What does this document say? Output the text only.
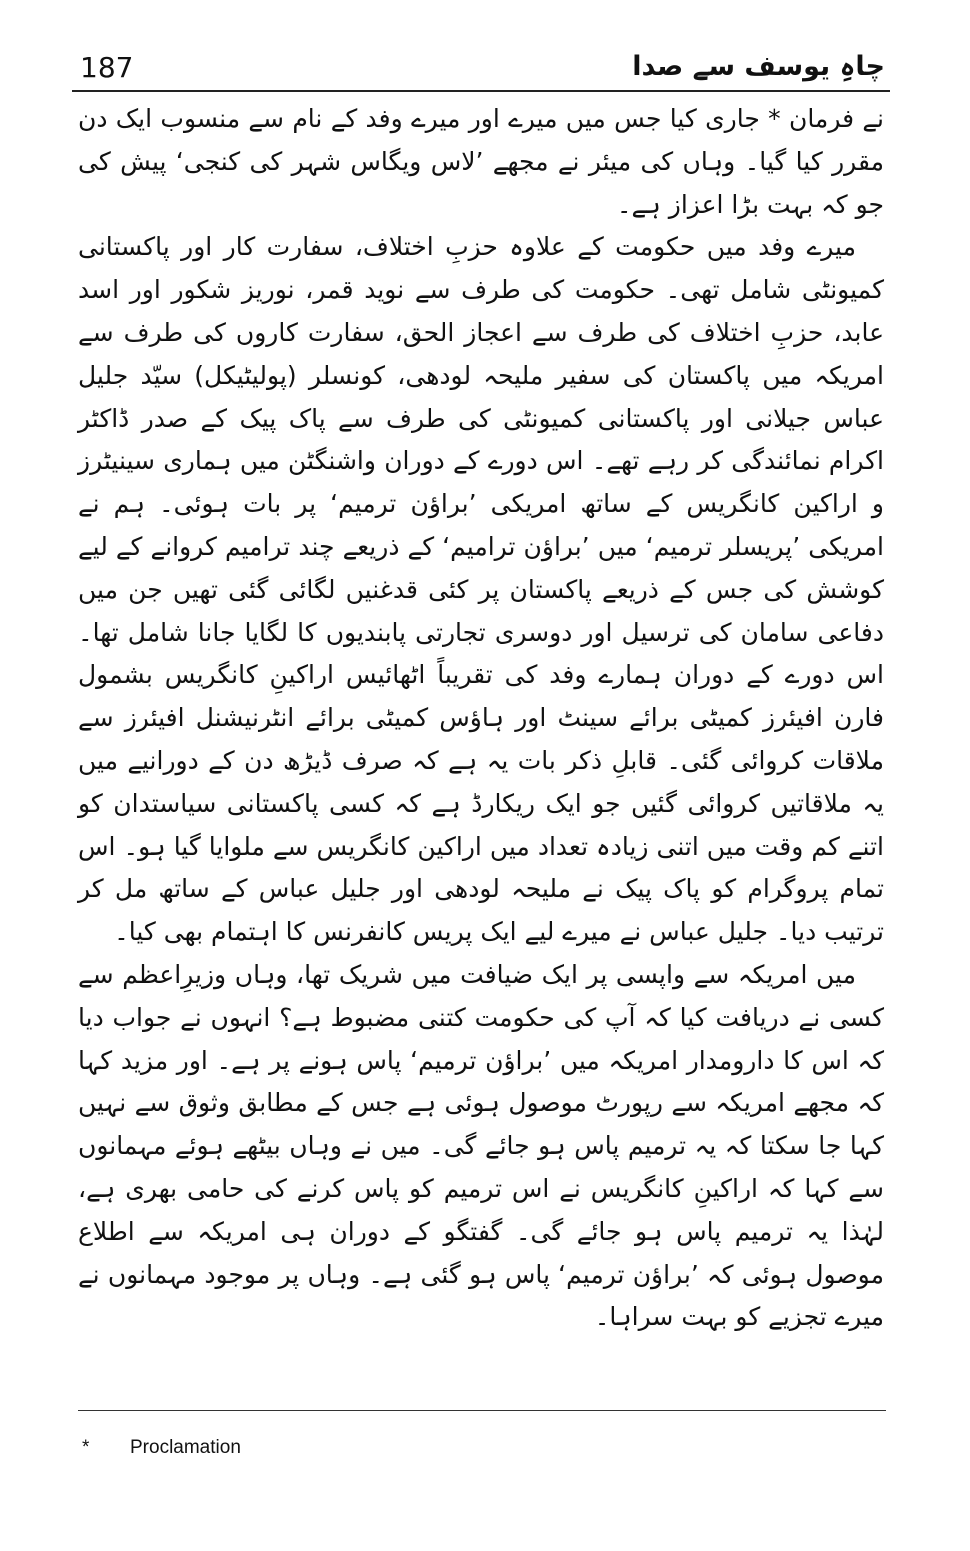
187	چاہِ یوسف سے صدا

نے فرمان * جاری کیا جس میں میرے اور میرے وفد کے نام سے منسوب ایک دن مقرر کیا گیا۔ وہاں کی میئر نے مجھے ’لاس ویگاس شہر کی کنجی‘ پیش کی جو کہ بہت بڑا اعزاز ہے۔

میرے وفد میں حکومت کے علاوہ حزبِ اختلاف، سفارت کار اور پاکستانی کمیونٹی شامل تھی۔ حکومت کی طرف سے نوید قمر، نوریز شکور اور اسد عابد، حزبِ اختلاف کی طرف سے اعجاز الحق، سفارت کاروں کی طرف سے امریکہ میں پاکستان کی سفیر ملیحہ لودھی، کونسلر (پولیٹیکل) سیّد جلیل عباس جیلانی اور پاکستانی کمیونٹی کی طرف سے پاک پیک کے صدر ڈاکٹر اکرام نمائندگی کر رہے تھے۔ اس دورے کے دوران واشنگٹن میں ہماری سینیٹرز و اراکین کانگریس کے ساتھ امریکی ’براؤن ترمیم‘ پر بات ہوئی۔ ہم نے امریکی ’پریسلر ترمیم‘ میں ’براؤن ترامیم‘ کے ذریعے چند ترامیم کروانے کے لیے کوشش کی جس کے ذریعے پاکستان پر کئی قدغنیں لگائی گئی تھیں جن میں دفاعی سامان کی ترسیل اور دوسری تجارتی پابندیوں کا لگایا جانا شامل تھا۔ اس دورے کے دوران ہمارے وفد کی تقریباً اٹھائیس اراکینِ کانگریس بشمول فارن افیئرز کمیٹی برائے سینٹ اور ہاؤس کمیٹی برائے انٹرنیشنل افیئرز سے ملاقات کروائی گئی۔ قابلِ ذکر بات یہ ہے کہ صرف ڈیڑھ دن کے دورانیے میں یہ ملاقاتیں کروائی گئیں جو ایک ریکارڈ ہے کہ کسی پاکستانی سیاستدان کو اتنے کم وقت میں اتنی زیادہ تعداد میں اراکین کانگریس سے ملوایا گیا ہو۔ اس تمام پروگرام کو پاک پیک نے ملیحہ لودھی اور جلیل عباس کے ساتھ مل کر ترتیب دیا۔ جلیل عباس نے میرے لیے ایک پریس کانفرنس کا اہتمام بھی کیا۔

میں امریکہ سے واپسی پر ایک ضیافت میں شریک تھا، وہاں وزیرِاعظم سے کسی نے دریافت کیا کہ آپ کی حکومت کتنی مضبوط ہے؟ انہوں نے جواب دیا کہ اس کا دارومدار امریکہ میں ’براؤن ترمیم‘ پاس ہونے پر ہے۔ اور مزید کہا کہ مجھے امریکہ سے رپورٹ موصول ہوئی ہے جس کے مطابق وثوق سے نہیں کہا جا سکتا کہ یہ ترمیم پاس ہو جائے گی۔ میں نے وہاں بیٹھے ہوئے مہمانوں سے کہا کہ اراکینِ کانگریس نے اس ترمیم کو پاس کرنے کی حامی بھری ہے، لہٰذا یہ ترمیم پاس ہو جائے گی۔ گفتگو کے دوران ہی امریکہ سے اطلاع موصول ہوئی کہ ’براؤن ترمیم‘ پاس ہو گئی ہے۔ وہاں پر موجود مہمانوں نے میرے تجزیے کو بہت سراہا۔

* Proclamation
